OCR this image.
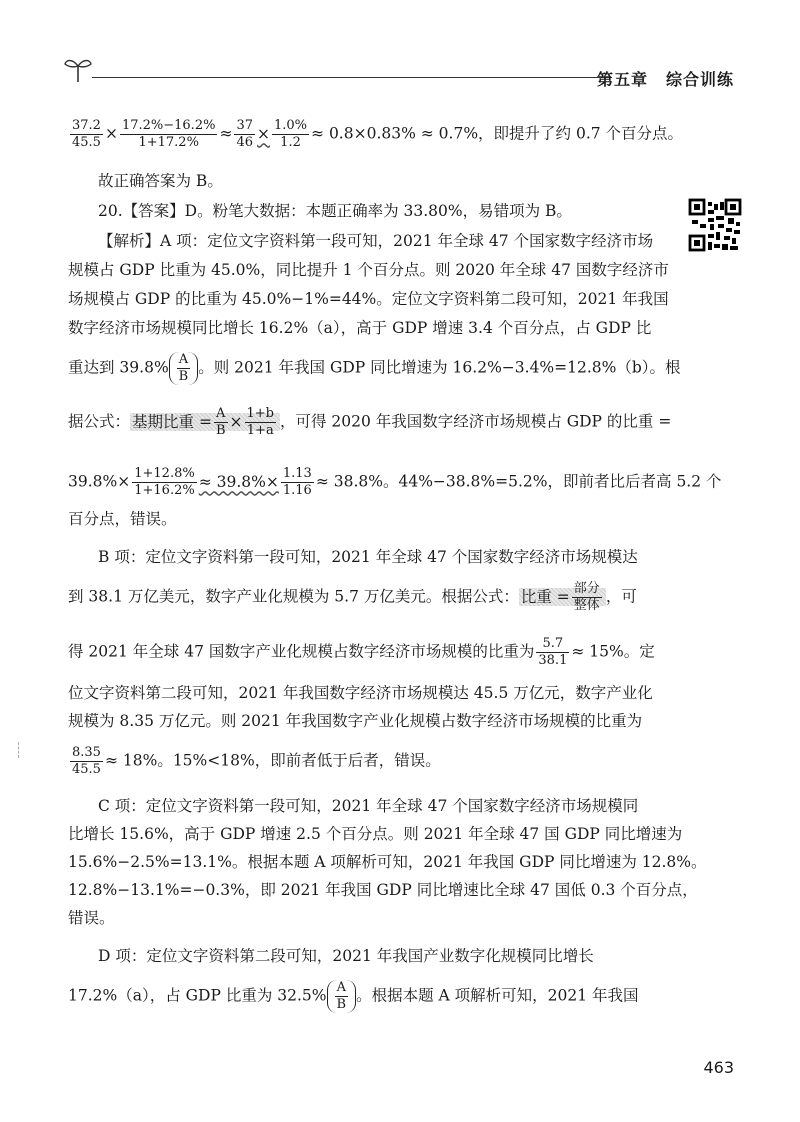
第五章 综合训练
$\frac{37.2}{45.5} \times \frac{17.2\%-16.2\%}{1+17.2\%} \approx \frac{37}{46} \times \frac{1.0\%}{1.2} \approx 0.8\times 0.83\% \approx 0.7\%$，即提升了约 0.7 个百分点。
故正确答案为 B。
20.【答案】D。粉笔大数据：本题正确率为 33.80%，易错项为 B。
【解析】A 项：定位文字资料第一段可知，2021 年全球 47 个国家数字经济市场
规模占 GDP 比重为 45.0%，同比提升 1 个百分点。则 2020 年全球 47 国数字经济市
场规模占 GDP 的比重为 45.0%−1%=44%。定位文字资料第二段可知，2021 年我国
数字经济市场规模同比增长 16.2%（a），高于 GDP 增速 3.4 个百分点，占 GDP 比
重达到 $39.8\% \frac{A}{B}$ 。则 2021 年我国 GDP 同比增速为 16.2%−3.4%=12.8%（b）。根
据公式： 基期比重 = $\frac{A}{B} \times \frac{1+b}{1+a}$ ，可得 2020 年我国数字经济市场规模占 GDP 的比重 =
$39.8\%\times \frac{1+12.8\%}{1+16.2\%} \approx 39.8\%\times \frac{1.13}{1.16} \approx 38.8\%$。44%−38.8%=5.2%，即前者比后者高 5.2 个
百分点，错误。
B 项：定位文字资料第一段可知，2021 年全球 47 个国家数字经济市场规模达
到 38.1 万亿美元，数字产业化规模为 5.7 万亿美元。根据公式： 比重 = $\frac{\text{部分}}{\text{整体}}$ ，可
得 2021 年全球 47 国数字产业化规模占数字经济市场规模的比重为 $\frac{5.7}{38.1} \approx 15\%$。定
位文字资料第二段可知，2021 年我国数字经济市场规模达 45.5 万亿元，数字产业化
规模为 8.35 万亿元。则 2021 年我国数字产业化规模占数字经济市场规模的比重为
$\frac{8.35}{45.5} \approx 18\%$。15%<18%，即前者低于后者，错误。
C 项：定位文字资料第一段可知，2021 年全球 47 个国家数字经济市场规模同
比增长 15.6%，高于 GDP 增速 2.5 个百分点。则 2021 年全球 47 国 GDP 同比增速为
15.6%−2.5%=13.1%。根据本题 A 项解析可知，2021 年我国 GDP 同比增速为 12.8%。
12.8%−13.1%=−0.3%，即 2021 年我国 GDP 同比增速比全球 47 国低 0.3 个百分点，
错误。
D 项：定位文字资料第二段可知，2021 年我国产业数字化规模同比增长
17.2%（a），占 GDP 比重为 $32.5\% \frac{A}{B}$ 。根据本题 A 项解析可知，2021 年我国
463
